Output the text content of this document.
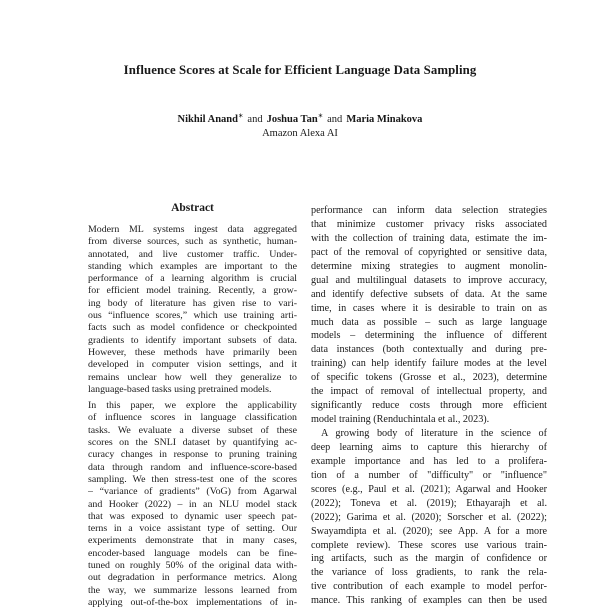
Influence Scores at Scale for Efficient Language Data Sampling
Nikhil Anand∗ and Joshua Tan∗ and Maria Minakova
Amazon Alexa AI
Abstract
Modern ML systems ingest data aggregated
from diverse sources, such as synthetic, human-
annotated, and live customer traffic. Under-
standing which examples are important to the
performance of a learning algorithm is crucial
for efficient model training. Recently, a grow-
ing body of literature has given rise to vari-
ous “influence scores,” which use training arti-
facts such as model confidence or checkpointed
gradients to identify important subsets of data.
However, these methods have primarily been
developed in computer vision settings, and it
remains unclear how well they generalize to
language-based tasks using pretrained models.
In this paper, we explore the applicability
of influence scores in language classification
tasks. We evaluate a diverse subset of these
scores on the SNLI dataset by quantifying ac-
curacy changes in response to pruning training
data through random and influence-score-based
sampling. We then stress-test one of the scores
– “variance of gradients” (VoG) from Agarwal
and Hooker (2022) – in an NLU model stack
that was exposed to dynamic user speech pat-
terns in a voice assistant type of setting. Our
experiments demonstrate that in many cases,
encoder-based language models can be fine-
tuned on roughly 50% of the original data with-
out degradation in performance metrics. Along
the way, we summarize lessons learned from
applying out-of-the-box implementations of in-
performance can inform data selection strategies
that minimize customer privacy risks associated
with the collection of training data, estimate the im-
pact of the removal of copyrighted or sensitive data,
determine mixing strategies to augment monolin-
gual and multilingual datasets to improve accuracy,
and identify defective subsets of data. At the same
time, in cases where it is desirable to train on as
much data as possible – such as large language
models – determining the influence of different
data instances (both contextually and during pre-
training) can help identify failure modes at the level
of specific tokens (Grosse et al., 2023), determine
the impact of removal of intellectual property, and
significantly reduce costs through more efficient
model training (Renduchintala et al., 2023).
A growing body of literature in the science of
deep learning aims to capture this hierarchy of
example importance and has led to a prolifera-
tion of a number of "difficulty" or "influence"
scores (e.g., Paul et al. (2021); Agarwal and Hooker
(2022); Toneva et al. (2019); Ethayarajh et al.
(2022); Garima et al. (2020); Sorscher et al. (2022);
Swayamdipta et al. (2020); see App. A for a more
complete review). These scores use various train-
ing artifacts, such as the margin of confidence or
the variance of loss gradients, to rank the rela-
tive contribution of each example to model perfor-
mance. This ranking of examples can then be used
